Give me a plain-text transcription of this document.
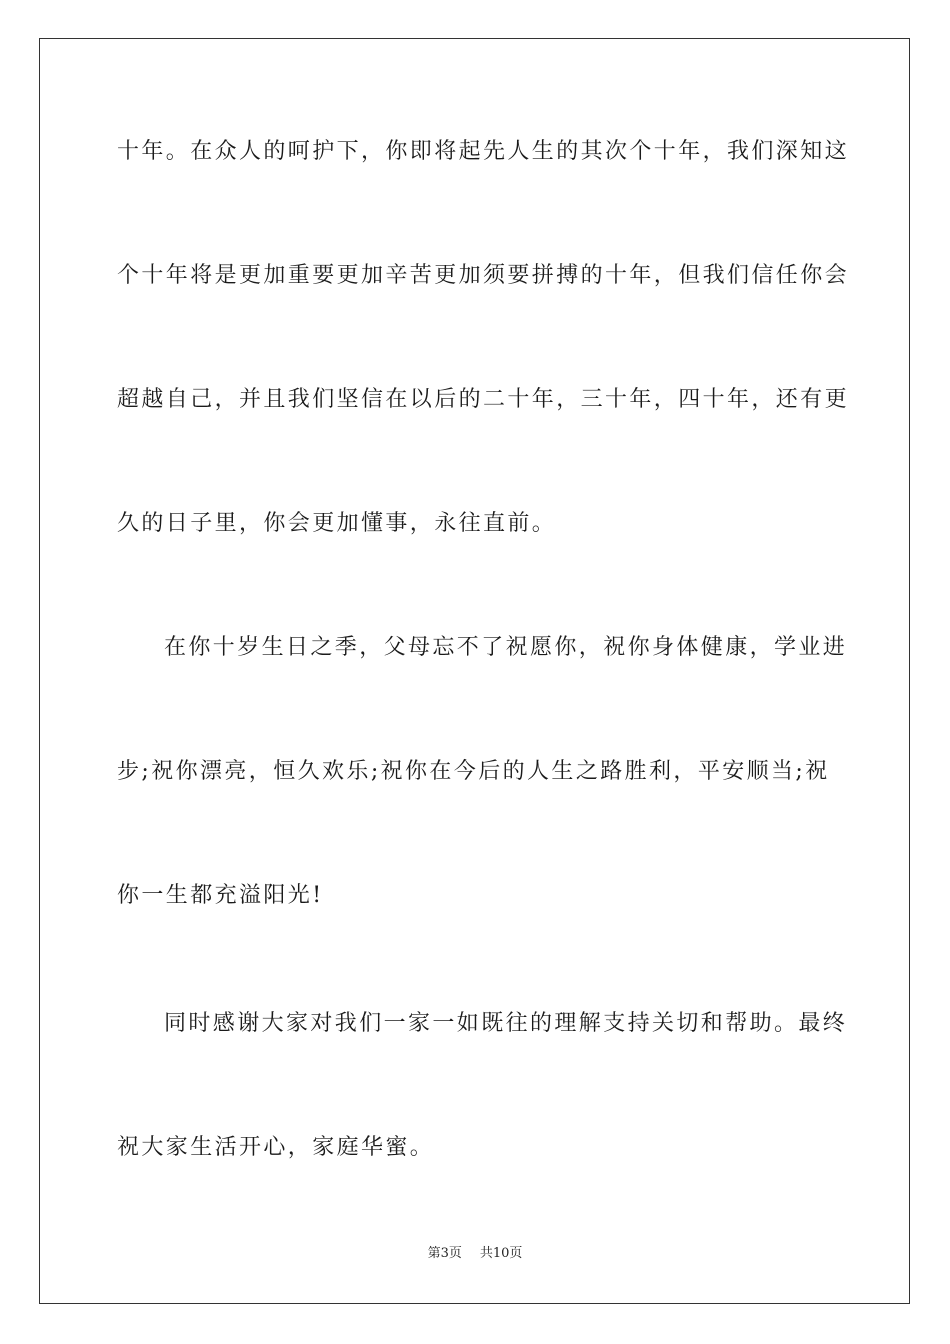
十年。在众人的呵护下，你即将起先人生的其次个十年，我们深知这
个十年将是更加重要更加辛苦更加须要拼搏的十年，但我们信任你会
超越自己，并且我们坚信在以后的二十年，三十年，四十年，还有更
久的日子里，你会更加懂事，永往直前。
在你十岁生日之季，父母忘不了祝愿你，祝你身体健康，学业进
步;祝你漂亮，恒久欢乐;祝你在今后的人生之路胜利，平安顺当;祝
你一生都充溢阳光!
同时感谢大家对我们一家一如既往的理解支持关切和帮助。最终
祝大家生活开心，家庭华蜜。
第3页 共10页
